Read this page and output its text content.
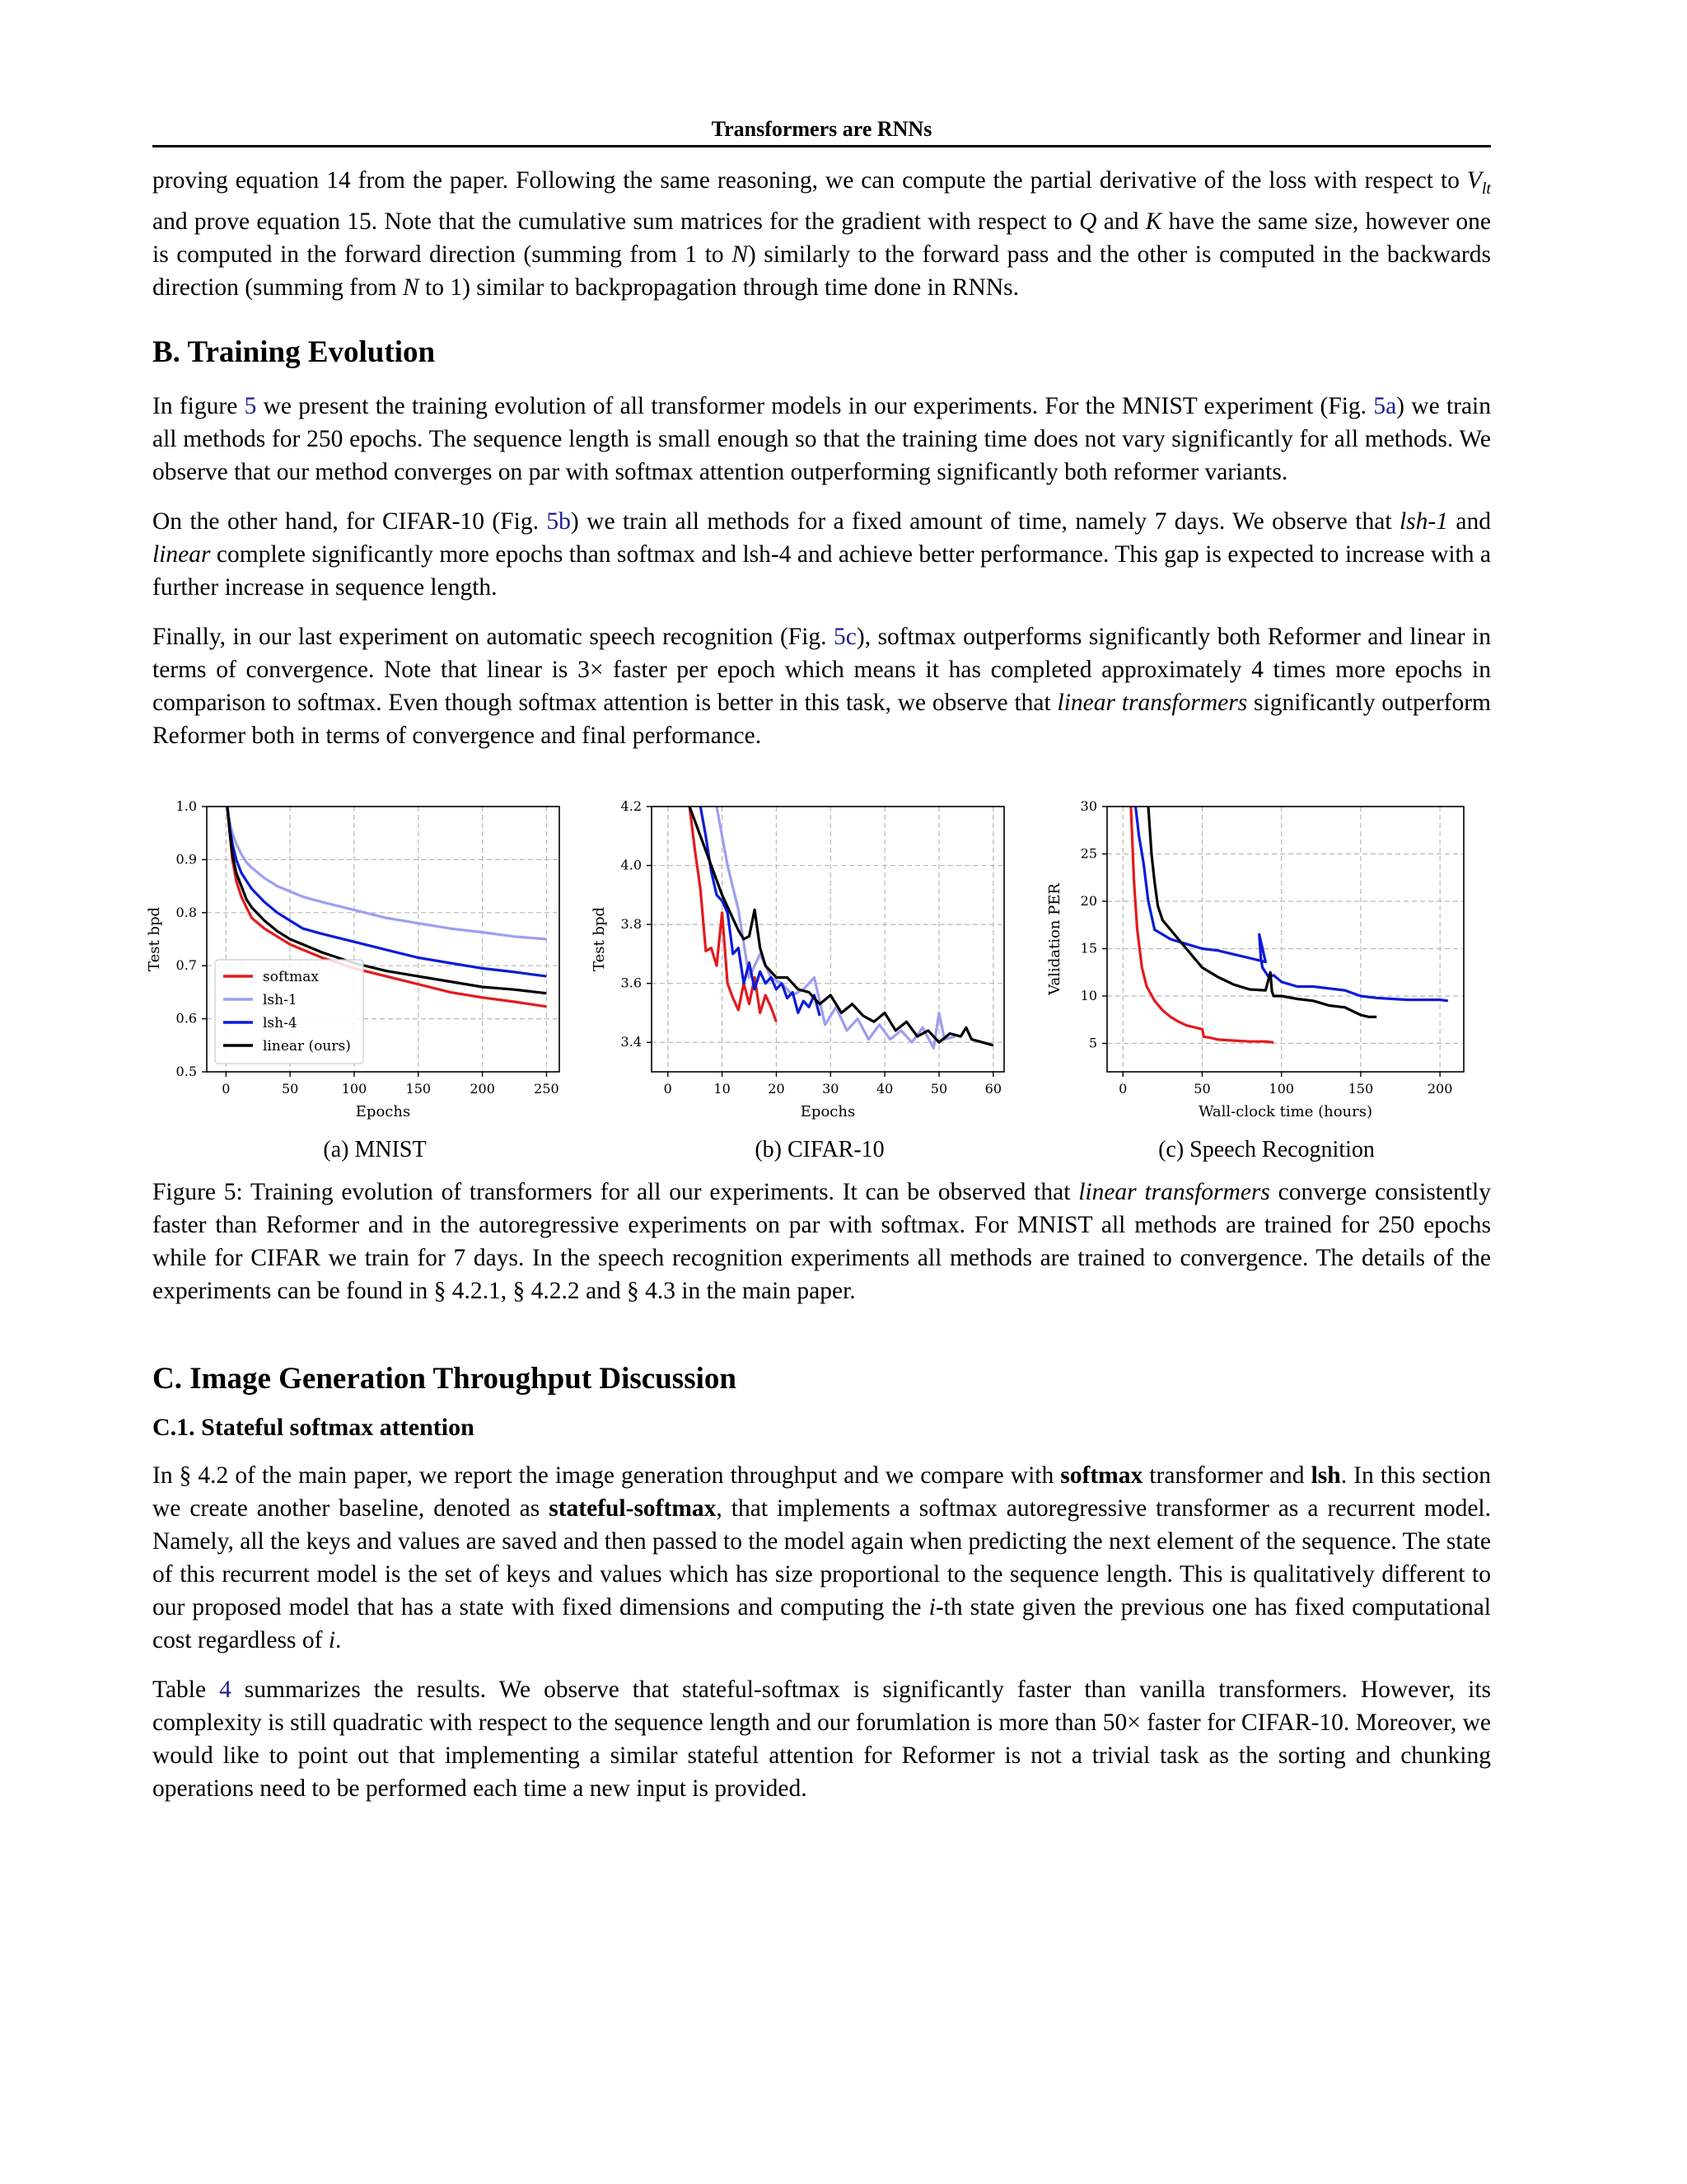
Transformers are RNNs

proving equation 14 from the paper. Following the same reasoning, we can compute the partial derivative of the loss with respect to $V_{lt}$ and prove equation 15. Note that the cumulative sum matrices for the gradient with respect to Q and K have the same size, however one is computed in the forward direction (summing from 1 to N) similarly to the forward pass and the other is computed in the backwards direction (summing from N to 1) similar to backpropagation through time done in RNNs.

B. Training Evolution

In figure 5 we present the training evolution of all transformer models in our experiments. For the MNIST experiment (Fig. 5a) we train all methods for 250 epochs. The sequence length is small enough so that the training time does not vary significantly for all methods. We observe that our method converges on par with softmax attention outperforming significantly both reformer variants.

On the other hand, for CIFAR-10 (Fig. 5b) we train all methods for a fixed amount of time, namely 7 days. We observe that lsh-1 and linear complete significantly more epochs than softmax and lsh-4 and achieve better performance. This gap is expected to increase with a further increase in sequence length.

Finally, in our last experiment on automatic speech recognition (Fig. 5c), softmax outperforms significantly both Reformer and linear in terms of convergence. Note that linear is 3× faster per epoch which means it has completed approximately 4 times more epochs in comparison to softmax. Even though softmax attention is better in this task, we observe that linear transformers significantly outperform Reformer both in terms of convergence and final performance.

0	50	100	150	200	250
0.5
0.6
0.7
0.8
0.9
1.0
Epochs
Test bpd
softmax
lsh-1
lsh-4
linear (ours)
0	10	20	30	40	50	60
3.4
3.6
3.8
4.0
4.2
Epochs
Test bpd
0	50	100	150	200
5
10
15
20
25
30
Wall-clock time (hours)
Validation PER
(a) MNIST	(b) CIFAR-10	(c) Speech Recognition

Figure 5: Training evolution of transformers for all our experiments. It can be observed that linear transformers converge consistently faster than Reformer and in the autoregressive experiments on par with softmax. For MNIST all methods are trained for 250 epochs while for CIFAR we train for 7 days. In the speech recognition experiments all methods are trained to convergence. The details of the experiments can be found in § 4.2.1, § 4.2.2 and § 4.3 in the main paper.

C. Image Generation Throughput Discussion
C.1. Stateful softmax attention

In § 4.2 of the main paper, we report the image generation throughput and we compare with softmax transformer and lsh. In this section we create another baseline, denoted as stateful-softmax, that implements a softmax autoregressive transformer as a recurrent model. Namely, all the keys and values are saved and then passed to the model again when predicting the next element of the sequence. The state of this recurrent model is the set of keys and values which has size proportional to the sequence length. This is qualitatively different to our proposed model that has a state with fixed dimensions and computing the i-th state given the previous one has fixed computational cost regardless of i.

Table 4 summarizes the results. We observe that stateful-softmax is significantly faster than vanilla transformers. However, its complexity is still quadratic with respect to the sequence length and our forumlation is more than 50× faster for CIFAR-10. Moreover, we would like to point out that implementing a similar stateful attention for Reformer is not a trivial task as the sorting and chunking operations need to be performed each time a new input is provided.
